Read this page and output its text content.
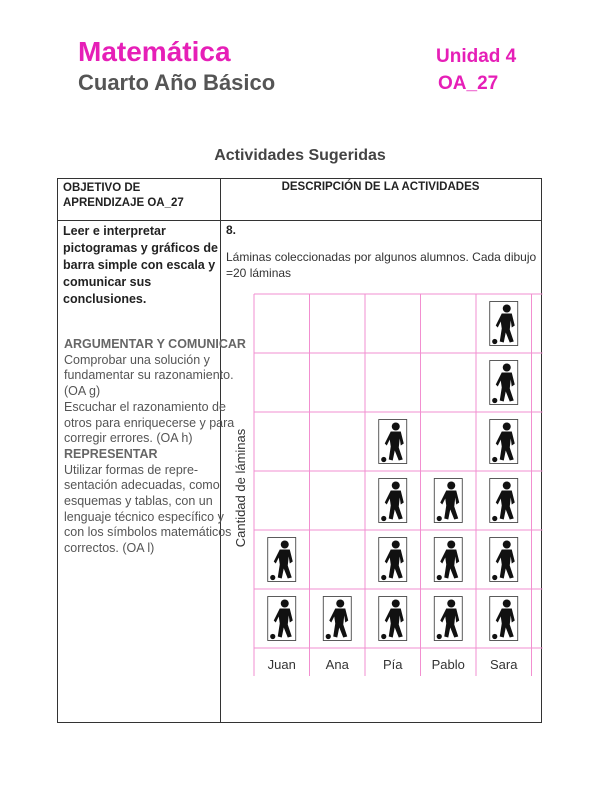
Matemática
Cuarto Año Básico
Unidad 4
OA_27
Actividades Sugeridas
OBJETIVO DE APRENDIZAJE OA_27
DESCRIPCIÓN DE LA ACTIVIDADES
Leer e interpretar pictogramas y gráficos de barra simple con escala y comunicar sus conclusiones.
8.
Láminas coleccionadas por algunos alumnos. Cada dibujo =20 láminas
ARGUMENTAR Y COMUNICAR
Comprobar una solución y
fundamentar su razonamiento.
(OA g)
Escuchar el razonamiento de
otros para enriquecerse y para
corregir errores. (OA h)
REPRESENTAR
Utilizar formas de repre-
sentación adecuadas, como
esquemas y tablas, con un
lenguaje técnico específico y
con los símbolos matemáticos
correctos. (OA l)
Juan Ana	Pía Pablo Sara
Cantidad de láminas
